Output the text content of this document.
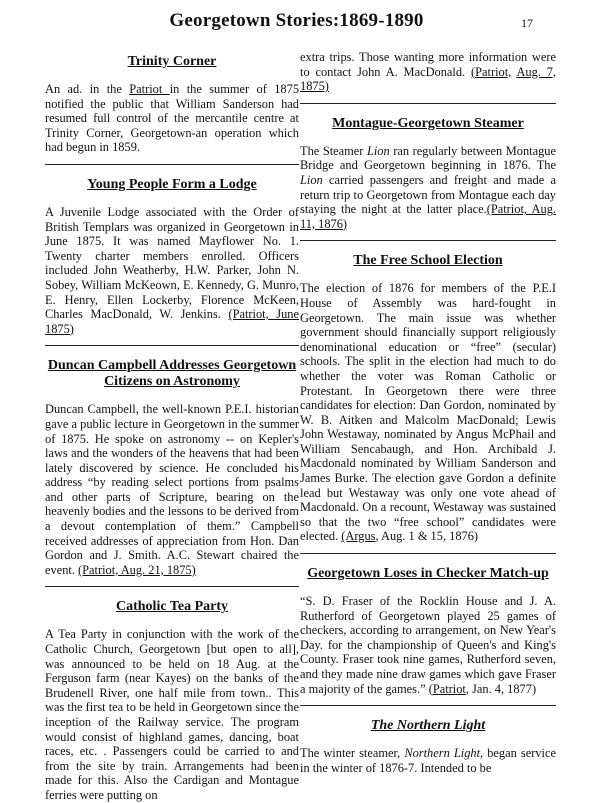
Georgetown Stories:1869-1890	17
Trinity Corner

An ad. in the Patriot in the summer of 1875 notified the public that William Sanderson had resumed full control of the mercantile centre at Trinity Corner, Georgetown-an operation which had begun in 1859.

Young People Form a Lodge

A Juvenile Lodge associated with the Order of British Templars was organized in Georgetown in June 1875. It was named Mayflower No. 1. Twenty charter members enrolled. Officers included John Weatherby, H.W. Parker, John N. Sobey, William McKeown, E. Kennedy, G. Munro, E. Henry, Ellen Lockerby, Florence McKeen, Charles MacDonald, W. Jenkins. (Patriot, June 1875)

Duncan Campbell Addresses Georgetown Citizens on Astronomy

Duncan Campbell, the well-known P.E.I. historian gave a public lecture in Georgetown in the summer of 1875. He spoke on astronomy -- on Kepler's laws and the wonders of the heavens that had been lately discovered by science. He concluded his address “by reading select portions from psalms and other parts of Scripture, bearing on the heavenly bodies and the lessons to be derived from a devout contemplation of them.” Campbell received addresses of appreciation from Hon. Dan Gordon and J. Smith. A.C. Stewart chaired the event. (Patriot, Aug. 21, 1875)

Catholic Tea Party

A Tea Party in conjunction with the work of the Catholic Church, Georgetown [but open to all], was announced to be held on 18 Aug. at the Ferguson farm (near Kayes) on the banks of the Brudenell River, one half mile from town.. This was the first tea to be held in Georgetown since the inception of the Railway service. The program would consist of highland games, dancing, boat races, etc. . Passengers could be carried to and from the site by train. Arrangements had been made for this. Also the Cardigan and Montague ferries were putting on

extra trips. Those wanting more information were to contact John A. MacDonald. (Patriot, Aug. 7, 1875)

Montague-Georgetown Steamer

The Steamer Lion ran regularly between Montague Bridge and Georgetown beginning in 1876. The Lion carried passengers and freight and made a return trip to Georgetown from Montague each day staying the night at the latter place.(Patriot, Aug. 11, 1876)

The Free School Election

The election of 1876 for members of the P.E.I House of Assembly was hard-fought in Georgetown. The main issue was whether government should financially support religiously denominational education or “free” (secular) schools. The split in the election had much to do whether the voter was Roman Catholic or Protestant. In Georgetown there were three candidates for election: Dan Gordon, nominated by W. B. Aitken and Malcolm MacDonald; Lewis John Westaway, nominated by Angus McPhail and William Sencabaugh, and Hon. Archibald J. Macdonald nominated by William Sanderson and James Burke. The election gave Gordon a definite lead but Westaway was only one vote ahead of Macdonald. On a recount, Westaway was sustained so that the two “free school” candidates were elected. (Argus, Aug. 1 & 15, 1876)

Georgetown Loses in Checker Match-up

“S. D. Fraser of the Rocklin House and J. A. Rutherford of Georgetown played 25 games of checkers, according to arrangement, on New Year's Day. for the championship of Queen's and King's County. Fraser took nine games, Rutherford seven, and they made nine draw games which gave Fraser a majority of the games.” (Patriot, Jan. 4, 1877)

The Northern Light

The winter steamer, Northern Light, began service in the winter of 1876-7. Intended to be
